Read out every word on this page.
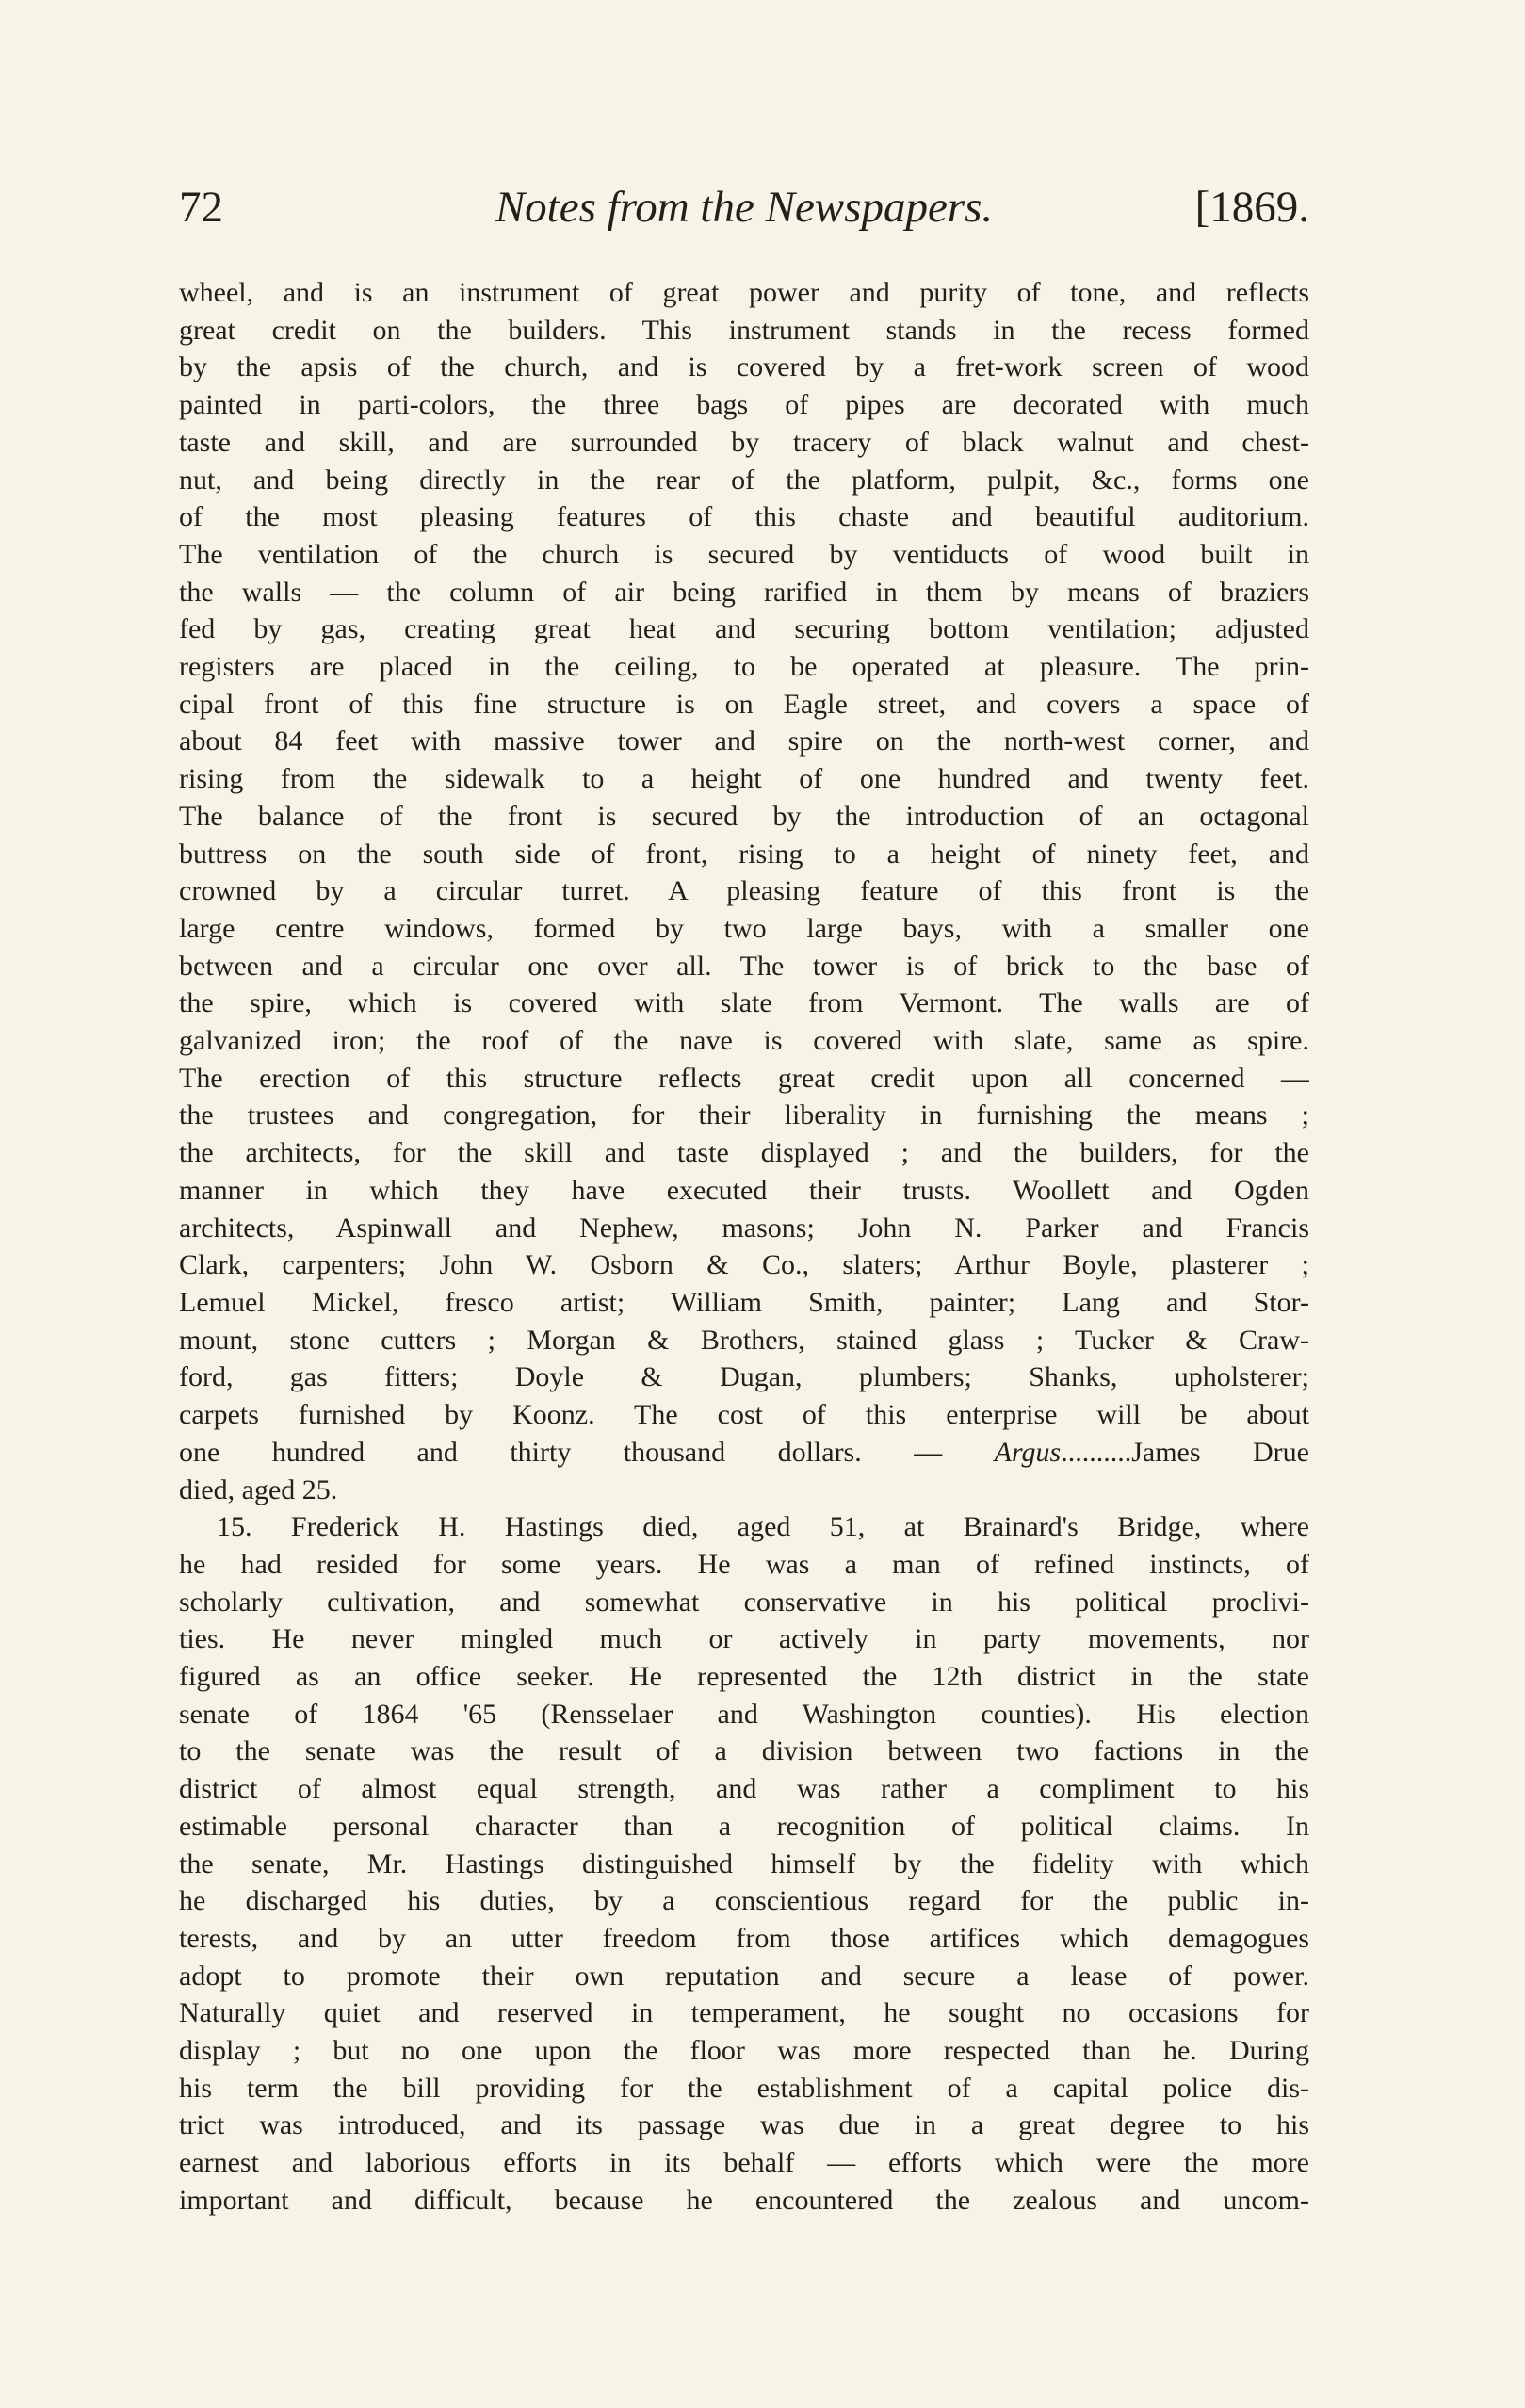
72	Notes from the Newspapers.	[1869.
wheel, and is an instrument of great power and purity of tone, and reflects
great credit on the builders. This instrument stands in the recess formed
by the apsis of the church, and is covered by a fret-work screen of wood
painted in parti-colors, the three bags of pipes are decorated with much
taste and skill, and are surrounded by tracery of black walnut and chest-
nut, and being directly in the rear of the platform, pulpit, &c., forms one
of the most pleasing features of this chaste and beautiful auditorium.
The ventilation of the church is secured by ventiducts of wood built in
the walls — the column of air being rarified in them by means of braziers
fed by gas, creating great heat and securing bottom ventilation; adjusted
registers are placed in the ceiling, to be operated at pleasure. The prin-
cipal front of this fine structure is on Eagle street, and covers a space of
about 84 feet with massive tower and spire on the north-west corner, and
rising from the sidewalk to a height of one hundred and twenty feet.
The balance of the front is secured by the introduction of an octagonal
buttress on the south side of front, rising to a height of ninety feet, and
crowned by a circular turret. A pleasing feature of this front is the
large centre windows, formed by two large bays, with a smaller one
between and a circular one over all. The tower is of brick to the base of
the spire, which is covered with slate from Vermont. The walls are of
galvanized iron; the roof of the nave is covered with slate, same as spire.
The erection of this structure reflects great credit upon all concerned —
the trustees and congregation, for their liberality in furnishing the means ;
the architects, for the skill and taste displayed ; and the builders, for the
manner in which they have executed their trusts. Woollett and Ogden
architects, Aspinwall and Nephew, masons; John N. Parker and Francis
Clark, carpenters; John W. Osborn & Co., slaters; Arthur Boyle, plasterer ;
Lemuel Mickel, fresco artist; William Smith, painter; Lang and Stor-
mount, stone cutters ; Morgan & Brothers, stained glass ; Tucker & Craw-
ford, gas fitters; Doyle & Dugan, plumbers; Shanks, upholsterer;
carpets furnished by Koonz. The cost of this enterprise will be about
one hundred and thirty thousand dollars. — Argus..........James Drue
died, aged 25.
15. Frederick H. Hastings died, aged 51, at Brainard's Bridge, where
he had resided for some years. He was a man of refined instincts, of
scholarly cultivation, and somewhat conservative in his political proclivi-
ties. He never mingled much or actively in party movements, nor
figured as an office seeker. He represented the 12th district in the state
senate of 1864 '65 (Rensselaer and Washington counties). His election
to the senate was the result of a division between two factions in the
district of almost equal strength, and was rather a compliment to his
estimable personal character than a recognition of political claims. In
the senate, Mr. Hastings distinguished himself by the fidelity with which
he discharged his duties, by a conscientious regard for the public in-
terests, and by an utter freedom from those artifices which demagogues
adopt to promote their own reputation and secure a lease of power.
Naturally quiet and reserved in temperament, he sought no occasions for
display ; but no one upon the floor was more respected than he. During
his term the bill providing for the establishment of a capital police dis-
trict was introduced, and its passage was due in a great degree to his
earnest and laborious efforts in its behalf — efforts which were the more
important and difficult, because he encountered the zealous and uncom-
